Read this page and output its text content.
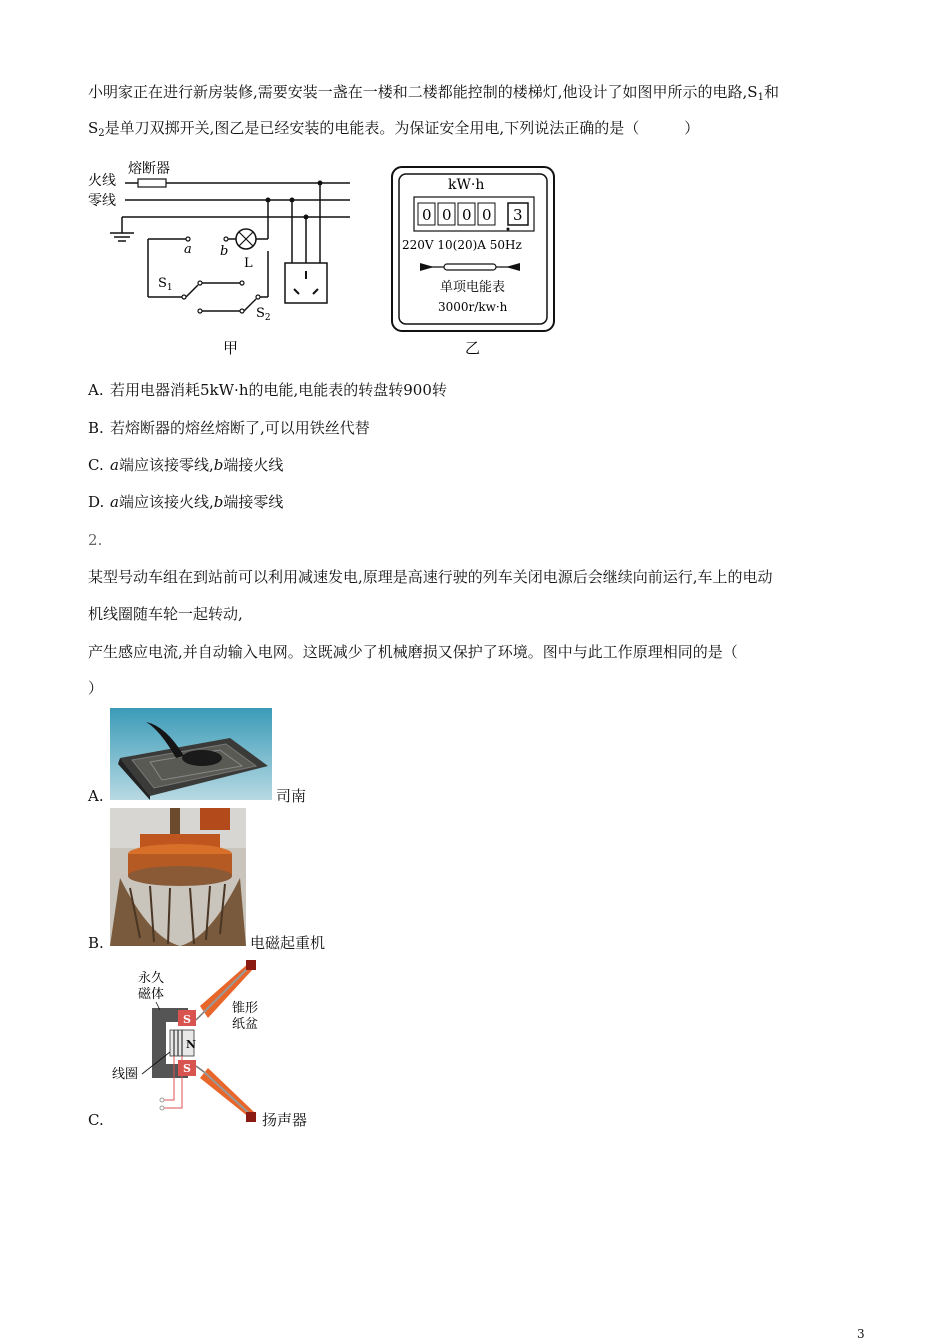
小明家正在进行新房装修,需要安装一盏在一楼和二楼都能控制的楼梯灯,他设计了如图甲所示的电路$,S_1$和
$S_2$是单刀双掷开关,图乙是已经安装的电能表。为保证安全用电,下列说法正确的是（　　　）
熔断器
火线
零线
b
L
a
$S_1$
$S_2$
甲
kW·h
0 0 0 0 3
220V 10(20)A 50Hz
单项电能表
3000r/kw·h
乙
A. 若用电器消耗5kW·h的电能,电能表的转盘转900转
B. 若熔断器的熔丝熔断了,可以用铁丝代替
C. a端应该接零线,b端接火线
D. a端应该接火线,b端接零线
2.
某型号动车组在到站前可以利用减速发电,原理是高速行驶的列车关闭电源后会继续向前运行,车上的电动
机线圈随车轮一起转动,
产生感应电流,并自动输入电网。这既减少了机械磨损又保护了环境。图中与此工作原理相同的是（
）
A.	司南
B.	电磁起重机
C.
S
N
S
永久
磁体
锥形
纸盆
线圈
扬声器
3
